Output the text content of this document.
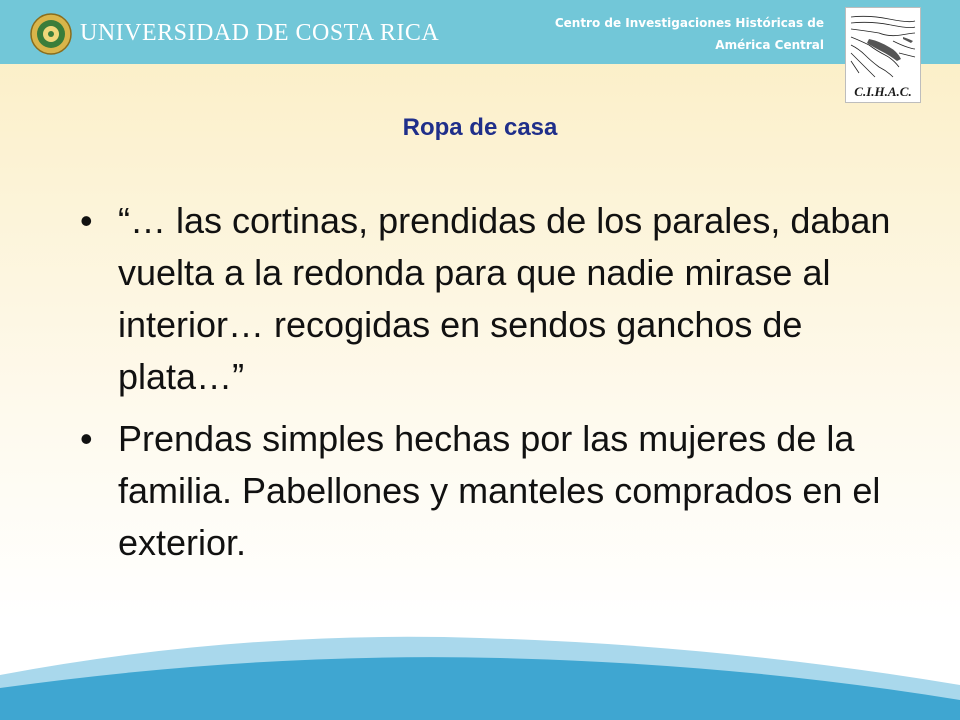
UNIVERSIDAD DE COSTA RICA	Centro de Investigaciones Históricas de
América Central
C.I.H.A.C.
Ropa de casa
• “… las cortinas, prendidas de los parales, daban vuelta a la redonda para que nadie mirase al interior… recogidas en sendos ganchos de plata…”
• Prendas simples hechas por las mujeres de la familia. Pabellones y manteles comprados en el exterior.
